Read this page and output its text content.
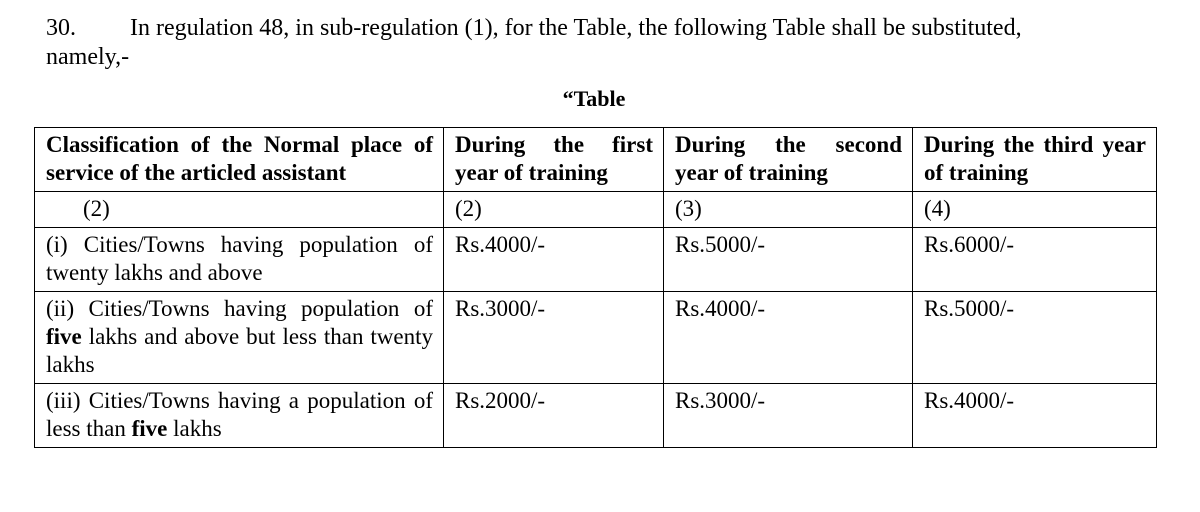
30. In regulation 48, in sub-regulation (1), for the Table, the following Table shall be substituted,
namely,-
“Table
Classification of the Normal place of service of the articled assistant	During the first year of training	During the second year of training	During the third year of training
(2)	(2)	(3)	(4)
(i) Cities/Towns having population of twenty lakhs and above	Rs.4000/-	Rs.5000/-	Rs.6000/-
(ii) Cities/Towns having population of five lakhs and above but less than twenty lakhs	Rs.3000/-	Rs.4000/-	Rs.5000/-
(iii) Cities/Towns having a population of less than five lakhs	Rs.2000/-	Rs.3000/-	Rs.4000/-
